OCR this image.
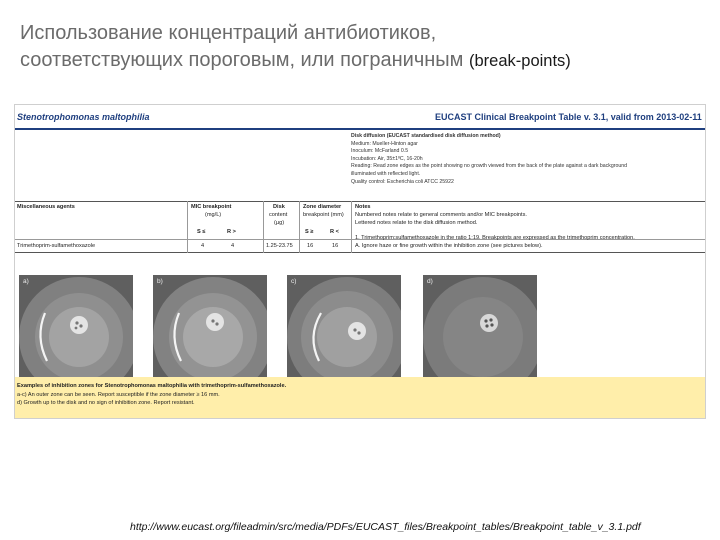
Использование концентраций антибиотиков,
соответствующих пороговым, или пограничным (break-points)
Stenotrophomonas maltophilia	EUCAST Clinical Breakpoint Table v. 3.1, valid from 2013-02-11
Disk diffusion (EUCAST standardised disk diffusion method)
Medium: Mueller-Hinton agar
Inoculum: McFarland 0.5
Incubation: Air, 35±1ºC, 16-20h
Reading: Read zone edges as the point showing no growth viewed from the back of the plate against a dark background
illuminated with reflected light.
Quality control: Escherichia coli ATCC 25922
Miscellaneous agents	MIC breakpoint
(mg/L)
Disk
content
(µg)
Zone diameter
breakpoint (mm)
Notes
Numbered notes relate to general comments and/or MIC breakpoints.
Lettered notes relate to the disk diffusion method.
S ≤	R >	S ≥	R <
Trimethoprim-sulfamethoxazole	4	4	1.25-23.75	16	16
1. Trimethoprim:sulfamethoxazole in the ratio 1:19. Breakpoints are expressed as the trimethoprim concentration.
A. Ignore haze or fine growth within the inhibition zone (see pictures below).
a)	b)	c)	d)
Examples of inhibition zones for Stenotrophomonas maltophilia with trimethoprim-sulfamethoxazole.
a-c) An outer zone can be seen. Report susceptible if the zone diameter ≥ 16 mm.
d) Growth up to the disk and no sign of inhibition zone. Report resistant.
http://www.eucast.org/fileadmin/src/media/PDFs/EUCAST_files/Breakpoint_tables/Breakpoint_table_v_3.1.pdf
